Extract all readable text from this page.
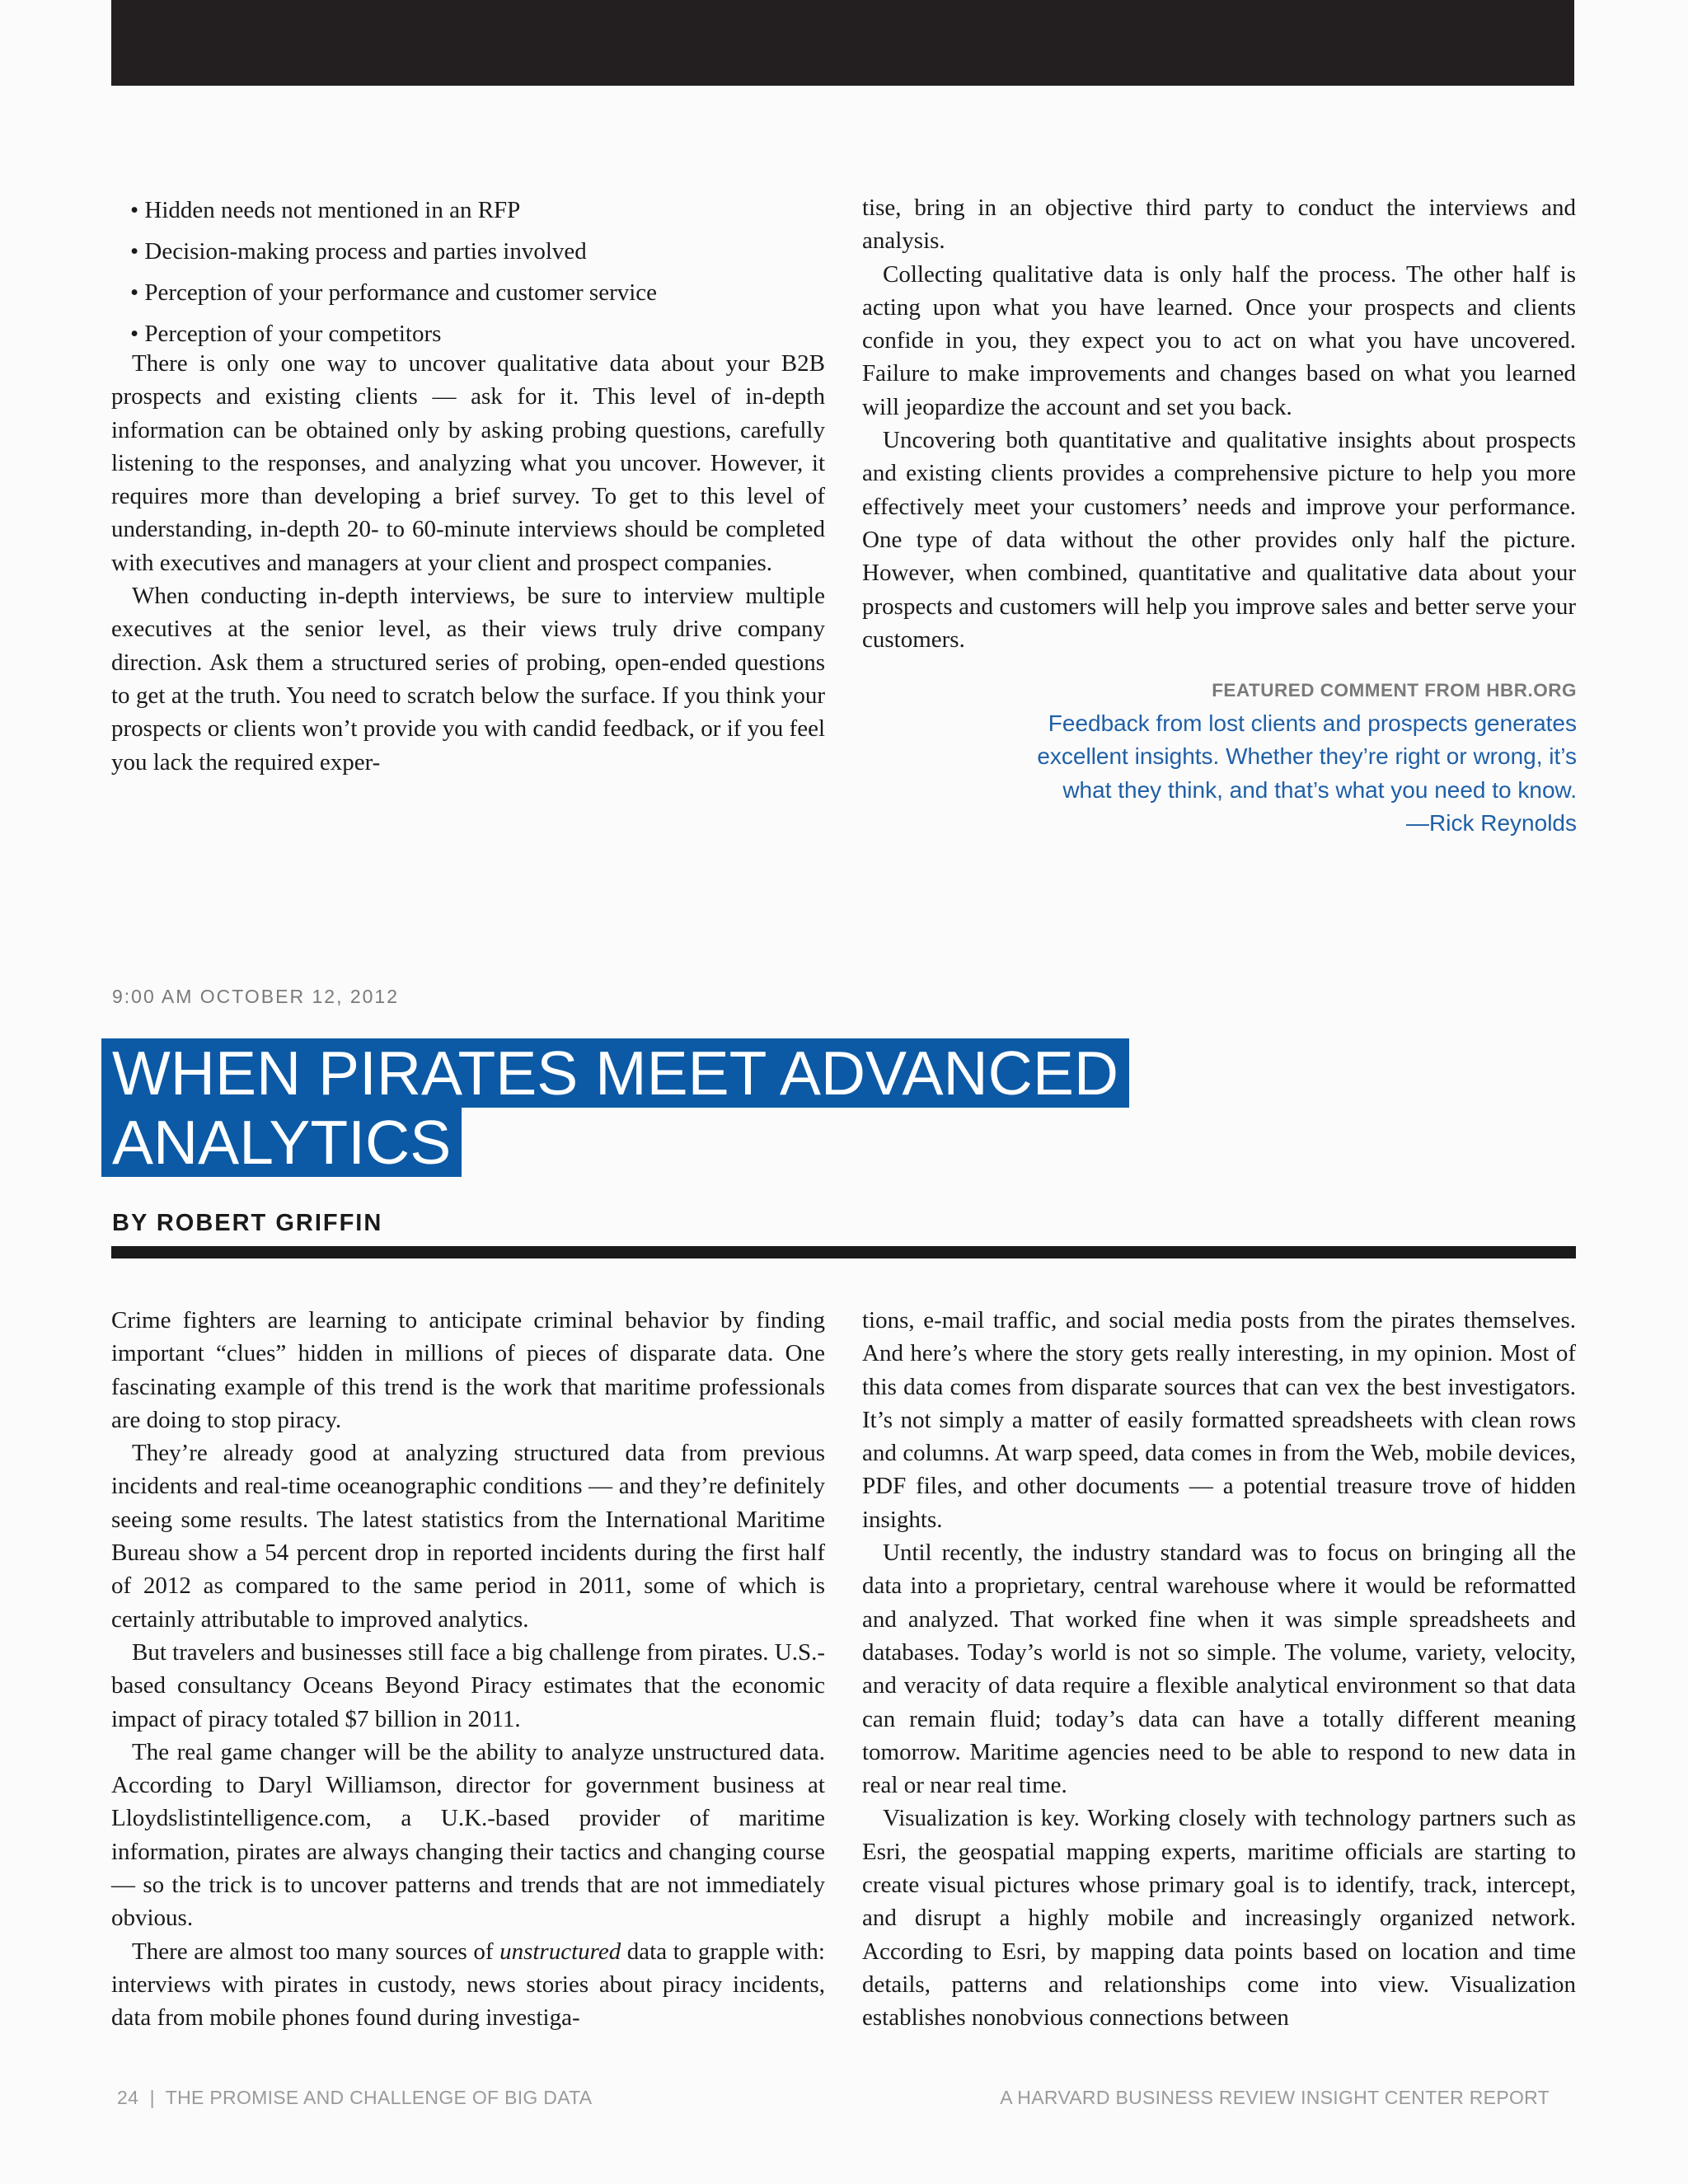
• Hidden needs not mentioned in an RFP
• Decision-making process and parties involved
• Perception of your performance and customer service
• Perception of your competitors

There is only one way to uncover qualitative data about your B2B prospects and existing clients — ask for it. This level of in-depth information can be obtained only by asking probing questions, carefully listening to the responses, and analyzing what you uncover. However, it requires more than developing a brief survey. To get to this level of understanding, in-depth 20- to 60-minute interviews should be completed with executives and managers at your client and prospect companies.

When conducting in-depth interviews, be sure to interview multiple executives at the senior level, as their views truly drive company direction. Ask them a structured series of probing, open-ended questions to get at the truth. You need to scratch below the surface. If you think your prospects or clients won’t provide you with candid feedback, or if you feel you lack the required exper-

tise, bring in an objective third party to conduct the interviews and analysis.

Collecting qualitative data is only half the process. The other half is acting upon what you have learned. Once your prospects and clients confide in you, they expect you to act on what you have uncovered. Failure to make improvements and changes based on what you learned will jeopardize the account and set you back.

Uncovering both quantitative and qualitative insights about prospects and existing clients provides a comprehensive picture to help you more effectively meet your customers’ needs and improve your performance. One type of data without the other provides only half the picture. However, when combined, quantitative and qualitative data about your prospects and customers will help you improve sales and better serve your customers.

FEATURED COMMENT FROM HBR.ORG
Feedback from lost clients and prospects generates
excellent insights. Whether they’re right or wrong, it’s
what they think, and that’s what you need to know.
—Rick Reynolds
9:00 AM OCTOBER 12, 2012
WHEN PIRATES MEET ADVANCED
ANALYTICS
BY ROBERT GRIFFIN

Crime fighters are learning to anticipate criminal behavior by finding important “clues” hidden in millions of pieces of disparate data. One fascinating example of this trend is the work that maritime professionals are doing to stop piracy.

They’re already good at analyzing structured data from previous incidents and real-time oceanographic conditions — and they’re definitely seeing some results. The latest statistics from the International Maritime Bureau show a 54 percent drop in reported incidents during the first half of 2012 as compared to the same period in 2011, some of which is certainly attributable to improved analytics.

But travelers and businesses still face a big challenge from pirates. U.S.-based consultancy Oceans Beyond Piracy estimates that the economic impact of piracy totaled $7 billion in 2011.

The real game changer will be the ability to analyze unstructured data. According to Daryl Williamson, director for government business at Lloydslistintelligence.com, a U.K.-based provider of maritime information, pirates are always changing their tactics and changing course — so the trick is to uncover patterns and trends that are not immediately obvious.

There are almost too many sources of unstructured data to grapple with: interviews with pirates in custody, news stories about piracy incidents, data from mobile phones found during investiga-

tions, e-mail traffic, and social media posts from the pirates themselves. And here’s where the story gets really interesting, in my opinion. Most of this data comes from disparate sources that can vex the best investigators. It’s not simply a matter of easily formatted spreadsheets with clean rows and columns. At warp speed, data comes in from the Web, mobile devices, PDF files, and other documents — a potential treasure trove of hidden insights.

Until recently, the industry standard was to focus on bringing all the data into a proprietary, central warehouse where it would be reformatted and analyzed. That worked fine when it was simple spreadsheets and databases. Today’s world is not so simple. The volume, variety, velocity, and veracity of data require a flexible analytical environment so that data can remain fluid; today’s data can have a totally different meaning tomorrow. Maritime agencies need to be able to respond to new data in real or near real time.

Visualization is key. Working closely with technology partners such as Esri, the geospatial mapping experts, maritime officials are starting to create visual pictures whose primary goal is to identify, track, intercept, and disrupt a highly mobile and increasingly organized network. According to Esri, by mapping data points based on location and time details, patterns and relationships come into view. Visualization establishes nonobvious connections between

24  |  THE PROMISE AND CHALLENGE OF BIG DATA	A HARVARD BUSINESS REVIEW INSIGHT CENTER REPORT
